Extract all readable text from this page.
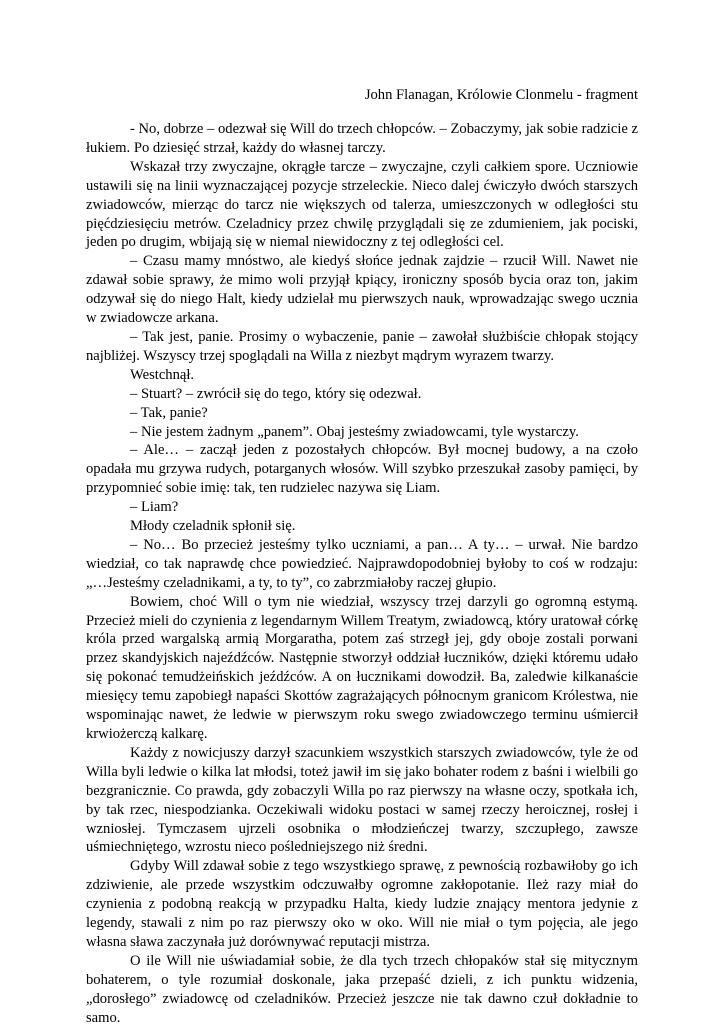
John Flanagan, Królowie Clonmelu - fragment

- No, dobrze – odezwał się Will do trzech chłopców. – Zobaczymy, jak sobie radzicie z łukiem. Po dziesięć strzał, każdy do własnej tarczy.

Wskazał trzy zwyczajne, okrągłe tarcze – zwyczajne, czyli całkiem spore. Uczniowie ustawili się na linii wyznaczającej pozycje strzeleckie. Nieco dalej ćwiczyło dwóch starszych zwiadowców, mierząc do tarcz nie większych od talerza, umieszczonych w odległości stu pięćdziesięciu metrów. Czeladnicy przez chwilę przyglądali się ze zdumieniem, jak pociski, jeden po drugim, wbijają się w niemal niewidoczny z tej odległości cel.

– Czasu mamy mnóstwo, ale kiedyś słońce jednak zajdzie – rzucił Will. Nawet nie zdawał sobie sprawy, że mimo woli przyjął kpiący, ironiczny sposób bycia oraz ton, jakim odzywał się do niego Halt, kiedy udzielał mu pierwszych nauk, wprowadzając swego ucznia w zwiadowcze arkana.

– Tak jest, panie. Prosimy o wybaczenie, panie – zawołał służbiście chłopak stojący najbliżej. Wszyscy trzej spoglądali na Willa z niezbyt mądrym wyrazem twarzy.

Westchnął.

– Stuart? – zwrócił się do tego, który się odezwał.

– Tak, panie?

– Nie jestem żadnym „panem”. Obaj jesteśmy zwiadowcami, tyle wystarczy.

– Ale… – zaczął jeden z pozostałych chłopców. Był mocnej budowy, a na czoło opadała mu grzywa rudych, potarganych włosów. Will szybko przeszukał zasoby pamięci, by przypomnieć sobie imię: tak, ten rudzielec nazywa się Liam.

– Liam?

Młody czeladnik spłonił się.

– No… Bo przecież jesteśmy tylko uczniami, a pan… A ty… – urwał. Nie bardzo wiedział, co tak naprawdę chce powiedzieć. Najprawdopodobniej byłoby to coś w rodzaju: „…Jesteśmy czeladnikami, a ty, to ty”, co zabrzmiałoby raczej głupio.

Bowiem, choć Will o tym nie wiedział, wszyscy trzej darzyli go ogromną estymą. Przecież mieli do czynienia z legendarnym Willem Treatym, zwiadowcą, który uratował córkę króla przed wargalską armią Morgaratha, potem zaś strzegł jej, gdy oboje zostali porwani przez skandyjskich najeźdźców. Następnie stworzył oddział łuczników, dzięki któremu udało się pokonać temudżeińskich jeźdźców. A on łucznikami dowodził. Ba, zaledwie kilkanaście miesięcy temu zapobiegł napaści Skottów zagrażających północnym granicom Królestwa, nie wspominając nawet, że ledwie w pierwszym roku swego zwiadowczego terminu uśmiercił krwiożerczą kalkarę.

Każdy z nowicjuszy darzył szacunkiem wszystkich starszych zwiadowców, tyle że od Willa byli ledwie o kilka lat młodsi, toteż jawił im się jako bohater rodem z baśni i wielbili go bezgranicznie. Co prawda, gdy zobaczyli Willa po raz pierwszy na własne oczy, spotkała ich, by tak rzec, niespodzianka. Oczekiwali widoku postaci w samej rzeczy heroicznej, rosłej i wzniosłej. Tymczasem ujrzeli osobnika o młodzieńczej twarzy, szczupłego, zawsze uśmiechniętego, wzrostu nieco pośledniejszego niż średni.

Gdyby Will zdawał sobie z tego wszystkiego sprawę, z pewnością rozbawiłoby go ich zdziwienie, ale przede wszystkim odczuwałby ogromne zakłopotanie. Ileż razy miał do czynienia z podobną reakcją w przypadku Halta, kiedy ludzie znający mentora jedynie z legendy, stawali z nim po raz pierwszy oko w oko. Will nie miał o tym pojęcia, ale jego własna sława zaczynała już dorównywać reputacji mistrza.

O ile Will nie uświadamiał sobie, że dla tych trzech chłopaków stał się mitycznym bohaterem, o tyle rozumiał doskonale, jaka przepaść dzieli, z ich punktu widzenia, „dorosłego” zwiadowcę od czeladników. Przecież jeszcze nie tak dawno czuł dokładnie to samo.
